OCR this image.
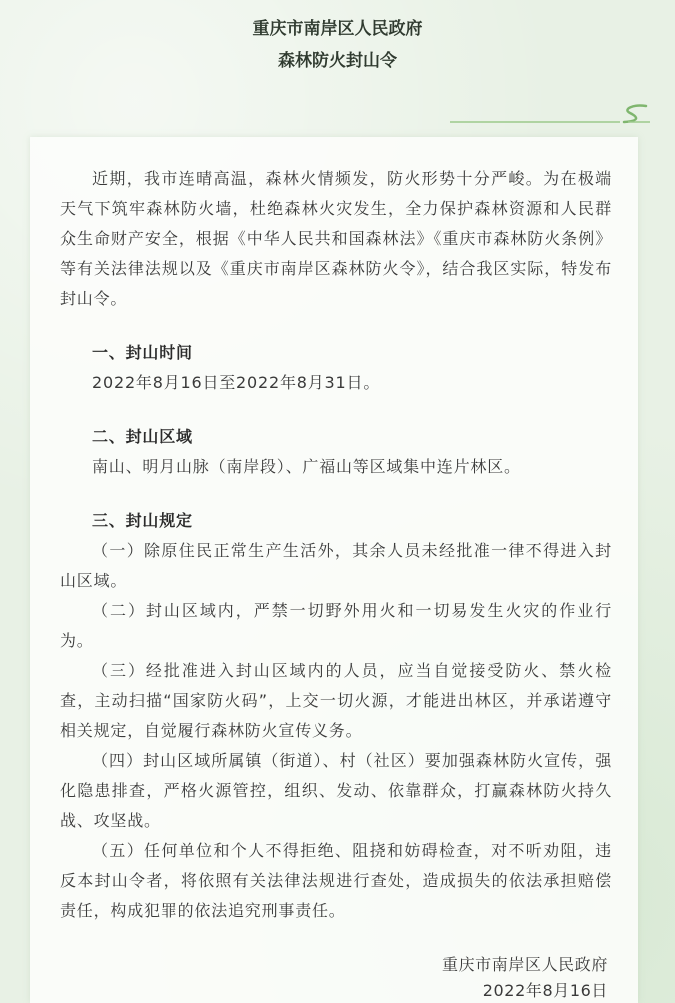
重庆市南岸区人民政府
森林防火封山令

近期，我市连晴高温，森林火情频发，防火形势十分严峻。为在极端天气下筑牢森林防火墙，杜绝森林火灾发生，全力保护森林资源和人民群众生命财产安全，根据《中华人民共和国森林法》《重庆市森林防火条例》等有关法律法规以及《重庆市南岸区森林防火令》，结合我区实际，特发布封山令。

一、封山时间

2022年8月16日至2022年8月31日。

二、封山区域

南山、明月山脉（南岸段）、广福山等区域集中连片林区。

三、封山规定

（一）除原住民正常生产生活外，其余人员未经批准一律不得进入封山区域。

（二）封山区域内，严禁一切野外用火和一切易发生火灾的作业行为。

（三）经批准进入封山区域内的人员，应当自觉接受防火、禁火检查，主动扫描“国家防火码”，上交一切火源，才能进出林区，并承诺遵守相关规定，自觉履行森林防火宣传义务。

（四）封山区域所属镇（街道）、村（社区）要加强森林防火宣传，强化隐患排查，严格火源管控，组织、发动、依靠群众，打赢森林防火持久战、攻坚战。

（五）任何单位和个人不得拒绝、阻挠和妨碍检查，对不听劝阻，违反本封山令者，将依照有关法律法规进行查处，造成损失的依法承担赔偿责任，构成犯罪的依法追究刑事责任。

重庆市南岸区人民政府
2022年8月16日
